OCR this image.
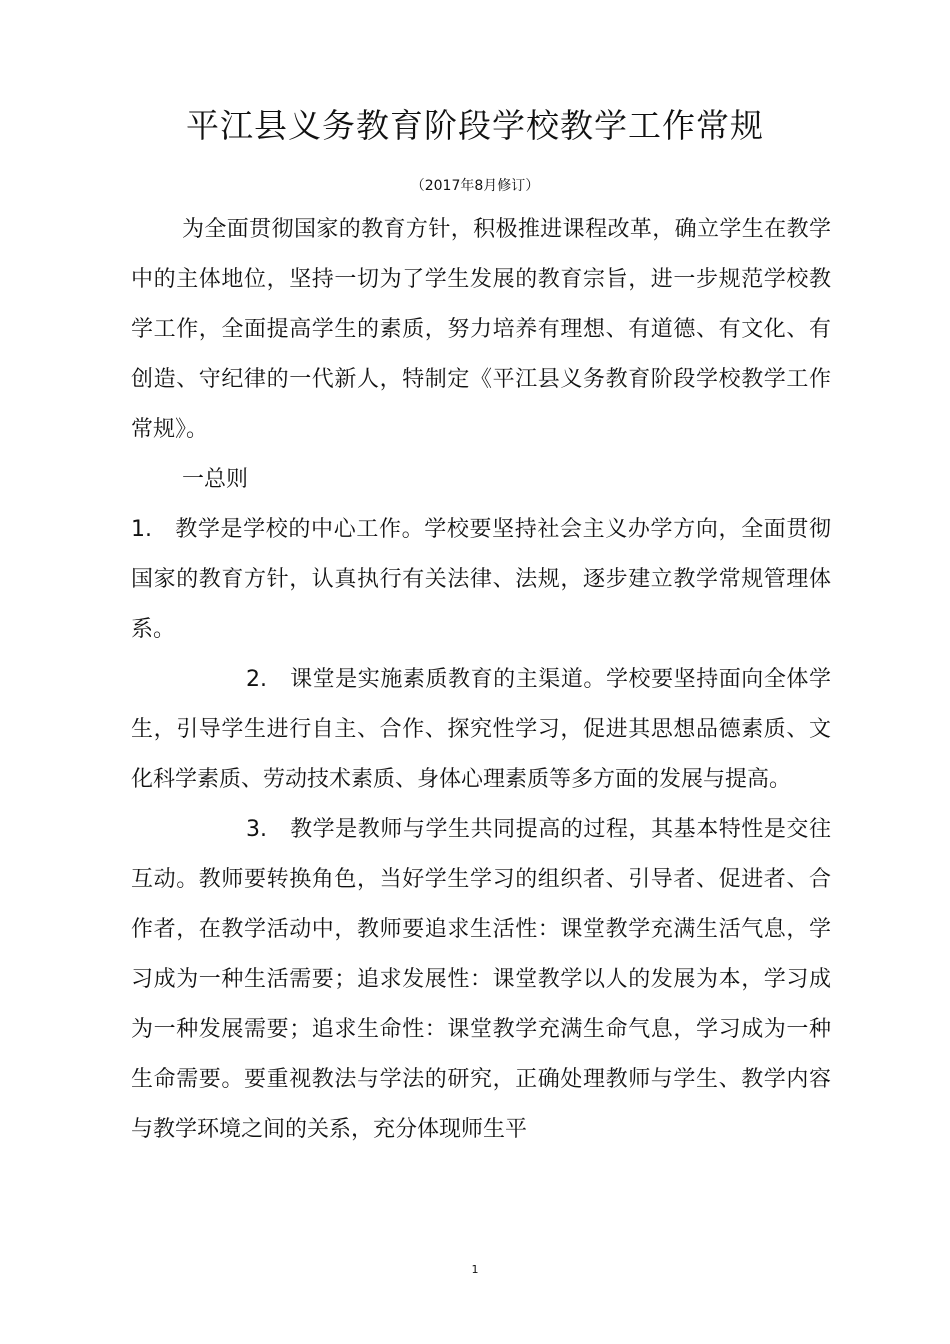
平江县义务教育阶段学校教学工作常规
（2017年8月修订）

为全面贯彻国家的教育方针，积极推进课程改革，确立学生在教学中的主体地位，坚持一切为了学生发展的教育宗旨，进一步规范学校教学工作，全面提高学生的素质，努力培养有理想、有道德、有文化、有创造、守纪律的一代新人，特制定《平江县义务教育阶段学校教学工作常规》。

一总则

1.　教学是学校的中心工作。学校要坚持社会主义办学方向，全面贯彻国家的教育方针，认真执行有关法律、法规，逐步建立教学常规管理体系。

2.　课堂是实施素质教育的主渠道。学校要坚持面向全体学生，引导学生进行自主、合作、探究性学习，促进其思想品德素质、文化科学素质、劳动技术素质、身体心理素质等多方面的发展与提高。

3.　教学是教师与学生共同提高的过程，其基本特性是交往互动。教师要转换角色，当好学生学习的组织者、引导者、促进者、合作者，在教学活动中，教师要追求生活性：课堂教学充满生活气息，学习成为一种生活需要；追求发展性：课堂教学以人的发展为本，学习成为一种发展需要；追求生命性：课堂教学充满生命气息，学习成为一种生命需要。要重视教法与学法的研究，正确处理教师与学生、教学内容与教学环境之间的关系，充分体现师生平

1
